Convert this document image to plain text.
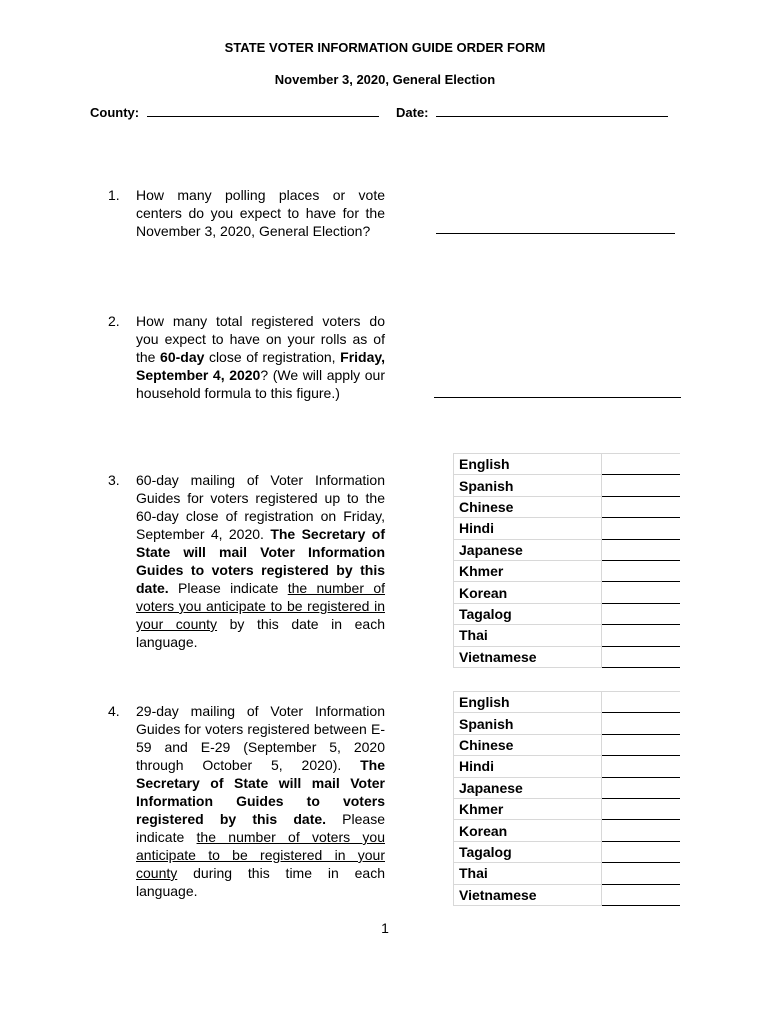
STATE VOTER INFORMATION GUIDE ORDER FORM
November 3, 2020, General Election
County:	Date:
1. How many polling places or vote centers do you expect to have for the November 3, 2020, General Election?

2. How many total registered voters do you expect to have on your rolls as of the 60-day close of registration, Friday, September 4, 2020? (We will apply our household formula to this figure.)

3. 60-day mailing of Voter Information Guides for voters registered up to the 60-day close of registration on Friday, September 4, 2020. The Secretary of State will mail Voter Information Guides to voters registered by this date. Please indicate the number of voters you anticipate to be registered in your county by this date in each language.

English	
Spanish	
Chinese	
Hindi	
Japanese	
Khmer	
Korean	
Tagalog	
Thai	
Vietnamese	
4. 29-day mailing of Voter Information Guides for voters registered between E-59 and E-29 (September 5, 2020 through October 5, 2020). The Secretary of State will mail Voter Information Guides to voters registered by this date. Please indicate the number of voters you anticipate to be registered in your county during this time in each language.

English	
Spanish	
Chinese	
Hindi	
Japanese	
Khmer	
Korean	
Tagalog	
Thai	
Vietnamese	
1
